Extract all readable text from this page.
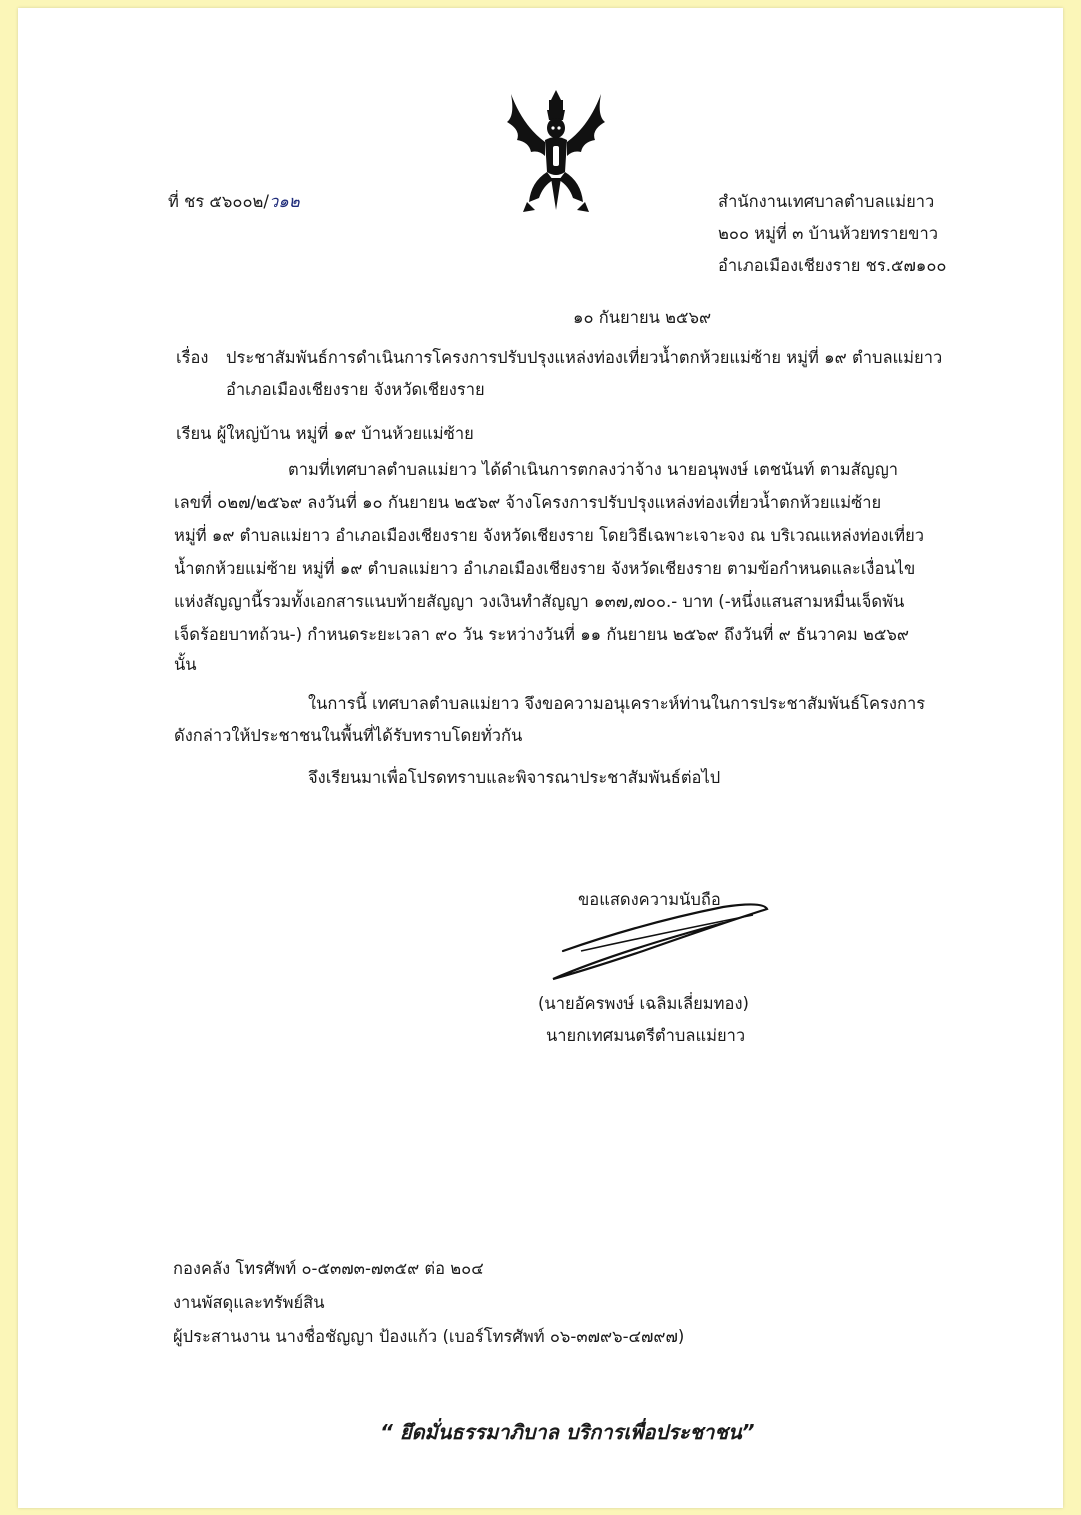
ที่ ชร ๕๖๐๐๒/ว๑๒	สำนักงานเทศบาลตำบลแม่ยาว
๒๐๐ หมู่ที่ ๓ บ้านห้วยทรายขาว
อำเภอเมืองเชียงราย ชร.๕๗๑๐๐
๑๐ กันยายน ๒๕๖๙
เรื่อง ประชาสัมพันธ์การดำเนินการโครงการปรับปรุงแหล่งท่องเที่ยวน้ำตกห้วยแม่ซ้าย หมู่ที่ ๑๙ ตำบลแม่ยาว
อำเภอเมืองเชียงราย จังหวัดเชียงราย
เรียน ผู้ใหญ่บ้าน หมู่ที่ ๑๙ บ้านห้วยแม่ซ้าย
ตามที่เทศบาลตำบลแม่ยาว ได้ดำเนินการตกลงว่าจ้าง นายอนุพงษ์ เตชนันท์ ตามสัญญา
เลขที่ ๐๒๗/๒๕๖๙ ลงวันที่ ๑๐ กันยายน ๒๕๖๙ จ้างโครงการปรับปรุงแหล่งท่องเที่ยวน้ำตกห้วยแม่ซ้าย
หมู่ที่ ๑๙ ตำบลแม่ยาว อำเภอเมืองเชียงราย จังหวัดเชียงราย โดยวิธีเฉพาะเจาะจง ณ บริเวณแหล่งท่องเที่ยว
น้ำตกห้วยแม่ซ้าย หมู่ที่ ๑๙ ตำบลแม่ยาว อำเภอเมืองเชียงราย จังหวัดเชียงราย ตามข้อกำหนดและเงื่อนไข
แห่งสัญญานี้รวมทั้งเอกสารแนบท้ายสัญญา วงเงินทำสัญญา ๑๓๗,๗๐๐.- บาท (-หนึ่งแสนสามหมื่นเจ็ดพัน
เจ็ดร้อยบาทถ้วน-) กำหนดระยะเวลา ๙๐ วัน ระหว่างวันที่ ๑๑ กันยายน ๒๕๖๙ ถึงวันที่ ๙ ธันวาคม ๒๕๖๙
นั้น
ในการนี้ เทศบาลตำบลแม่ยาว จึงขอความอนุเคราะห์ท่านในการประชาสัมพันธ์โครงการ
ดังกล่าวให้ประชาชนในพื้นที่ได้รับทราบโดยทั่วกัน
จึงเรียนมาเพื่อโปรดทราบและพิจารณาประชาสัมพันธ์ต่อไป
ขอแสดงความนับถือ
(นายอัครพงษ์ เฉลิมเลี่ยมทอง)
นายกเทศมนตรีตำบลแม่ยาว
กองคลัง โทรศัพท์ ๐-๕๓๗๓-๗๓๕๙ ต่อ ๒๐๔
งานพัสดุและทรัพย์สิน
ผู้ประสานงาน นางชื่อชัญญา ป้องแก้ว (เบอร์โทรศัพท์ ๐๖-๓๗๙๖-๔๗๙๗)
“ ยึดมั่นธรรมาภิบาล บริการเพื่อประชาชน”
